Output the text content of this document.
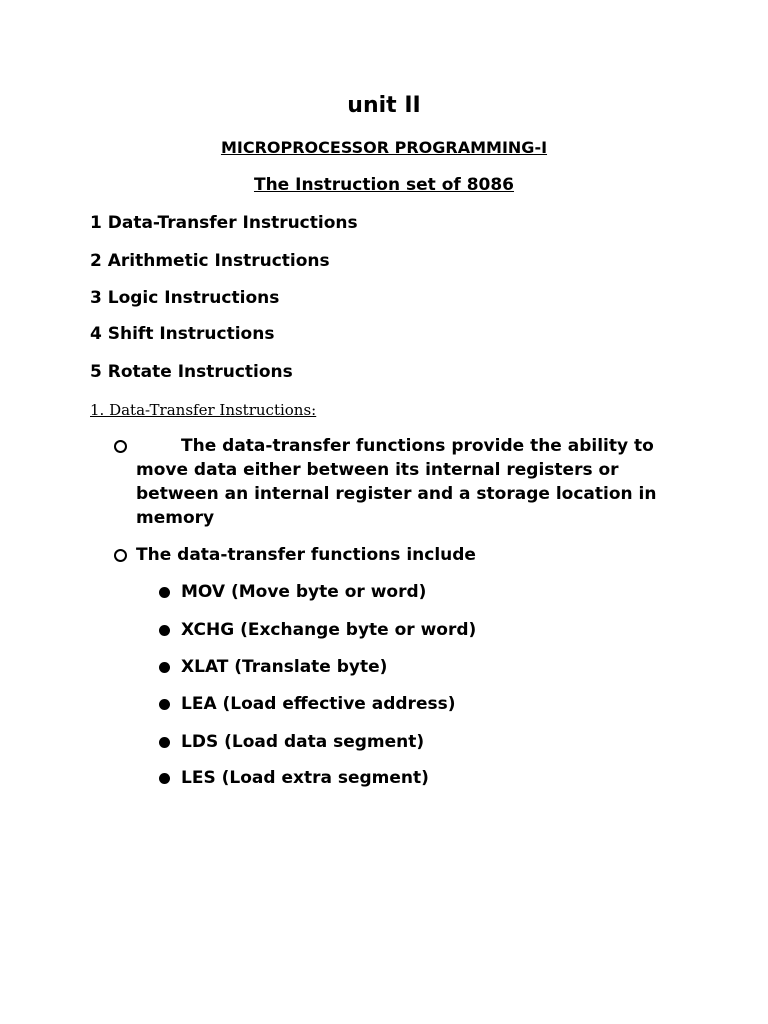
unit II
MICROPROCESSOR PROGRAMMING-I
The Instruction set of 8086
1 Data-Transfer Instructions
2 Arithmetic Instructions
3 Logic Instructions
4 Shift Instructions
5 Rotate Instructions
1. Data-Transfer Instructions:
The data-transfer functions provide the ability to move data either between its internal registers or between an internal register and a storage location in memory
The data-transfer functions include
MOV (Move byte or word)
XCHG (Exchange byte or word)
XLAT (Translate byte)
LEA (Load effective address)
LDS (Load data segment)
LES (Load extra segment)
